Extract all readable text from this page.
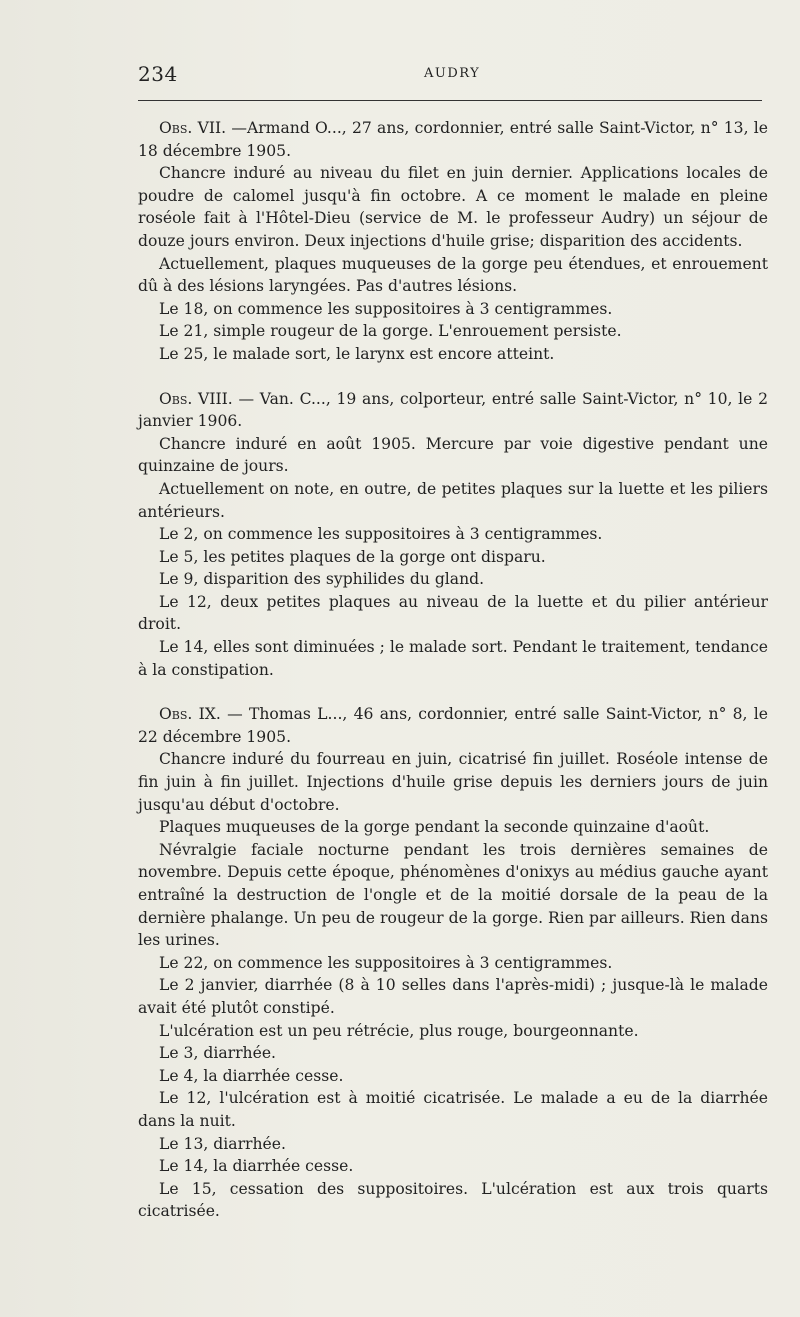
234	AUDRY

Obs. VII. —Armand O..., 27 ans, cordonnier, entré salle Saint-Victor, n° 13, le 18 décembre 1905.

Chancre induré au niveau du filet en juin dernier. Applications locales de poudre de calomel jusqu'à fin octobre. A ce moment le malade en pleine roséole fait à l'Hôtel-Dieu (service de M. le professeur Audry) un séjour de douze jours environ. Deux injections d'huile grise; disparition des accidents.

Actuellement, plaques muqueuses de la gorge peu étendues, et enrouement dû à des lésions laryngées. Pas d'autres lésions.

Le 18, on commence les suppositoires à 3 centigrammes.

Le 21, simple rougeur de la gorge. L'enrouement persiste.

Le 25, le malade sort, le larynx est encore atteint.

Obs. VIII. — Van. C..., 19 ans, colporteur, entré salle Saint-Victor, n° 10, le 2 janvier 1906.

Chancre induré en août 1905. Mercure par voie digestive pendant une quinzaine de jours.

Actuellement on note, en outre, de petites plaques sur la luette et les piliers antérieurs.

Le 2, on commence les suppositoires à 3 centigrammes.

Le 5, les petites plaques de la gorge ont disparu.

Le 9, disparition des syphilides du gland.

Le 12, deux petites plaques au niveau de la luette et du pilier antérieur droit.

Le 14, elles sont diminuées ; le malade sort. Pendant le traitement, tendance à la constipation.

Obs. IX. — Thomas L..., 46 ans, cordonnier, entré salle Saint-Victor, n° 8, le 22 décembre 1905.

Chancre induré du fourreau en juin, cicatrisé fin juillet. Roséole intense de fin juin à fin juillet. Injections d'huile grise depuis les derniers jours de juin jusqu'au début d'octobre.

Plaques muqueuses de la gorge pendant la seconde quinzaine d'août.

Névralgie faciale nocturne pendant les trois dernières semaines de novembre. Depuis cette époque, phénomènes d'onixys au médius gauche ayant entraîné la destruction de l'ongle et de la moitié dorsale de la peau de la dernière phalange. Un peu de rougeur de la gorge. Rien par ailleurs. Rien dans les urines.

Le 22, on commence les suppositoires à 3 centigrammes.

Le 2 janvier, diarrhée (8 à 10 selles dans l'après-midi) ; jusque-là le malade avait été plutôt constipé.

L'ulcération est un peu rétrécie, plus rouge, bourgeonnante.

Le 3, diarrhée.

Le 4, la diarrhée cesse.

Le 12, l'ulcération est à moitié cicatrisée. Le malade a eu de la diarrhée dans la nuit.

Le 13, diarrhée.

Le 14, la diarrhée cesse.

Le 15, cessation des suppositoires. L'ulcération est aux trois quarts cicatrisée.
